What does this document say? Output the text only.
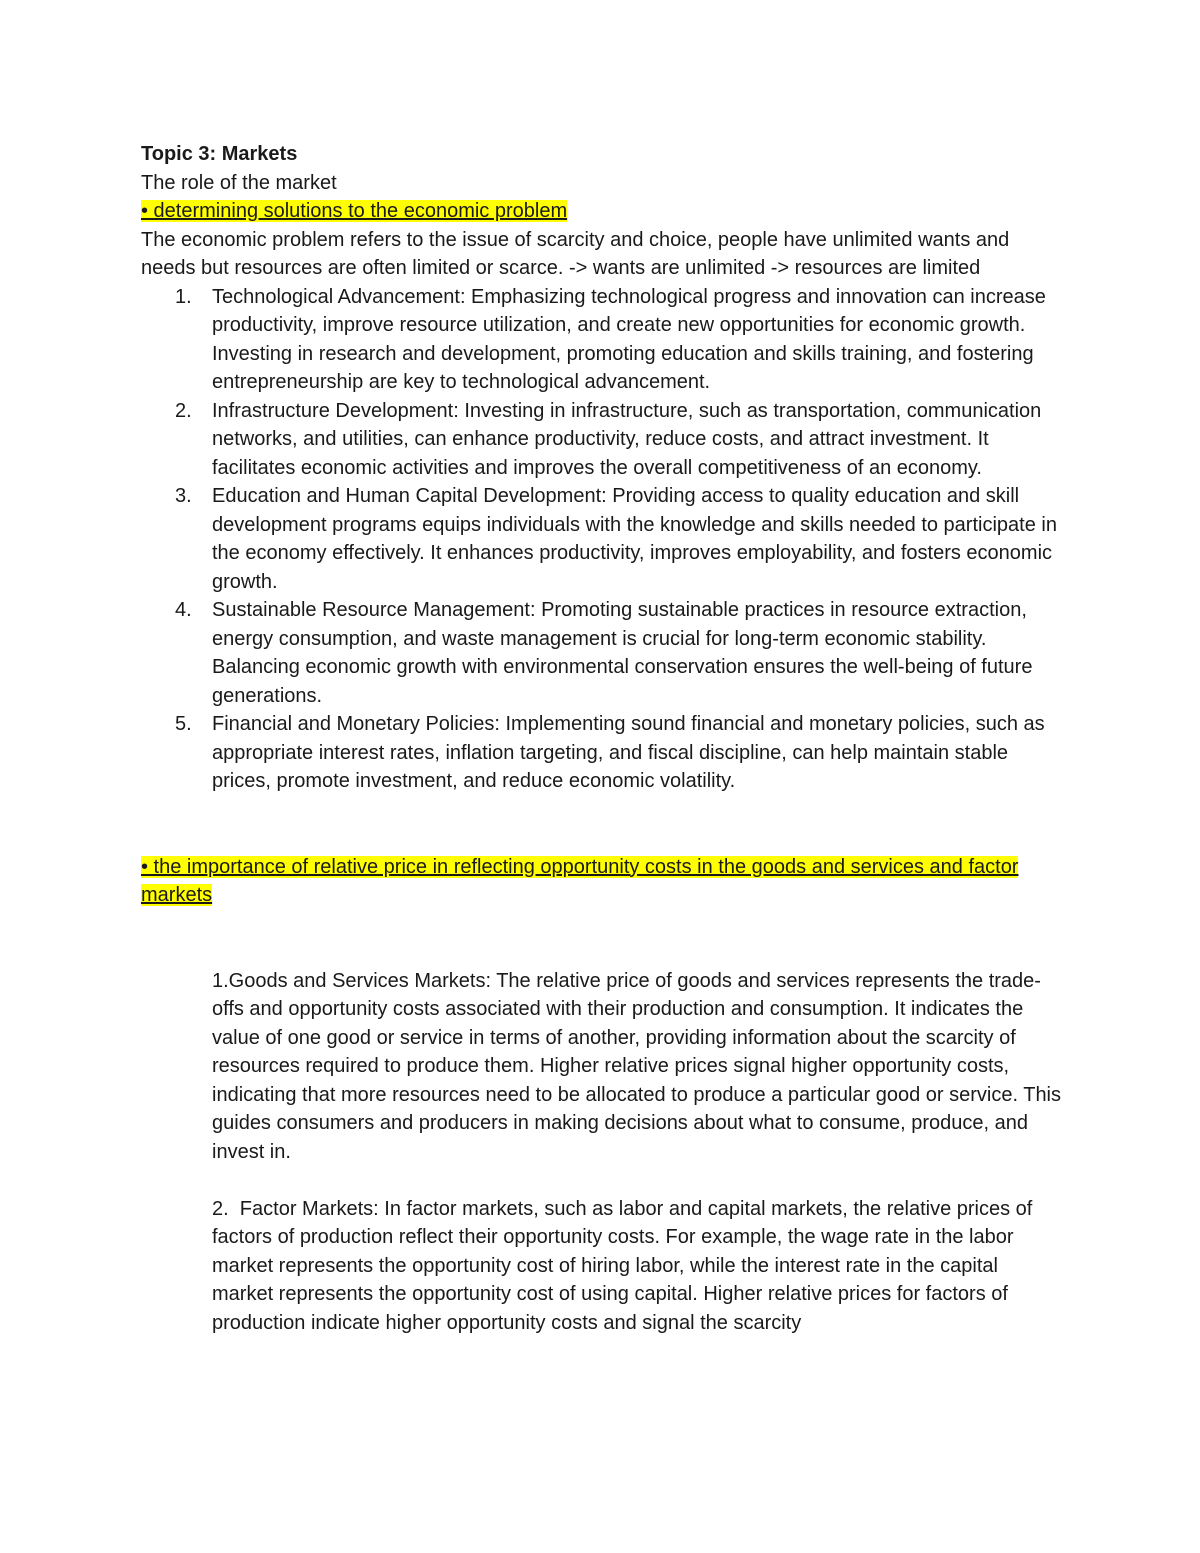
Topic 3: Markets
The role of the market
• determining solutions to the economic problem
The economic problem refers to the issue of scarcity and choice, people have unlimited wants and needs but resources are often limited or scarce. -> wants are unlimited -> resources are limited
1. Technological Advancement: Emphasizing technological progress and innovation can increase productivity, improve resource utilization, and create new opportunities for economic growth. Investing in research and development, promoting education and skills training, and fostering entrepreneurship are key to technological advancement.
2. Infrastructure Development: Investing in infrastructure, such as transportation, communication networks, and utilities, can enhance productivity, reduce costs, and attract investment. It facilitates economic activities and improves the overall competitiveness of an economy.
3. Education and Human Capital Development: Providing access to quality education and skill development programs equips individuals with the knowledge and skills needed to participate in the economy effectively. It enhances productivity, improves employability, and fosters economic growth.
4. Sustainable Resource Management: Promoting sustainable practices in resource extraction, energy consumption, and waste management is crucial for long-term economic stability. Balancing economic growth with environmental conservation ensures the well-being of future generations.
5. Financial and Monetary Policies: Implementing sound financial and monetary policies, such as appropriate interest rates, inflation targeting, and fiscal discipline, can help maintain stable prices, promote investment, and reduce economic volatility.
• the importance of relative price in reflecting opportunity costs in the goods and services and factor markets
1.Goods and Services Markets: The relative price of goods and services represents the trade-offs and opportunity costs associated with their production and consumption. It indicates the value of one good or service in terms of another, providing information about the scarcity of resources required to produce them. Higher relative prices signal higher opportunity costs, indicating that more resources need to be allocated to produce a particular good or service. This guides consumers and producers in making decisions about what to consume, produce, and invest in.
2.  Factor Markets: In factor markets, such as labor and capital markets, the relative prices of factors of production reflect their opportunity costs. For example, the wage rate in the labor market represents the opportunity cost of hiring labor, while the interest rate in the capital market represents the opportunity cost of using capital. Higher relative prices for factors of production indicate higher opportunity costs and signal the scarcity
